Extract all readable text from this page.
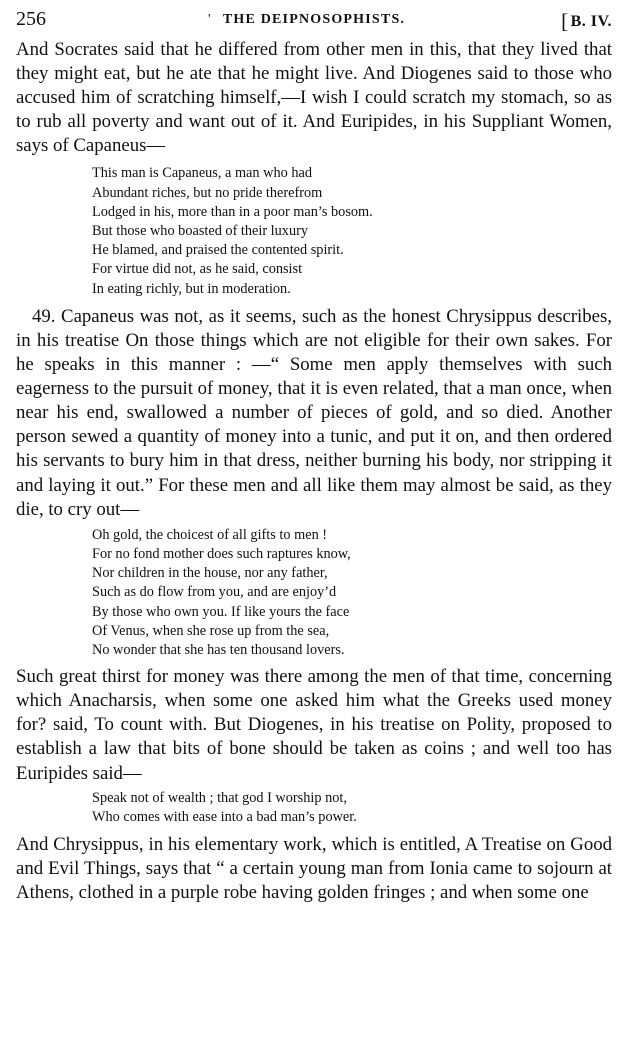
256	' THE DEIPNOSOPHISTS.	[ B. IV.

And Socrates said that he differed from other men in this, that they lived that they might eat, but he ate that he might live. And Diogenes said to those who accused him of scratching himself,—I wish I could scratch my stomach, so as to rub all poverty and want out of it. And Euripides, in his Suppliant Women, says of Capaneus—

This man is Capaneus, a man who had
Abundant riches, but no pride therefrom
Lodged in his, more than in a poor man’s bosom.
But those who boasted of their luxury
He blamed, and praised the contented spirit.
For virtue did not, as he said, consist
In eating richly, but in moderation.

49. Capaneus was not, as it seems, such as the honest Chrysippus describes, in his treatise On those things which are not eligible for their own sakes. For he speaks in this manner : —“ Some men apply themselves with such eagerness to the pursuit of money, that it is even related, that a man once, when near his end, swallowed a number of pieces of gold, and so died. Another person sewed a quantity of money into a tunic, and put it on, and then ordered his servants to bury him in that dress, neither burning his body, nor stripping it and laying it out.” For these men and all like them may almost be said, as they die, to cry out—

Oh gold, the choicest of all gifts to men !
For no fond mother does such raptures know,
Nor children in the house, nor any father,
Such as do flow from you, and are enjoy’d
By those who own you. If like yours the face
Of Venus, when she rose up from the sea,
No wonder that she has ten thousand lovers.

Such great thirst for money was there among the men of that time, concerning which Anacharsis, when some one asked him what the Greeks used money for? said, To count with. But Diogenes, in his treatise on Polity, proposed to establish a law that bits of bone should be taken as coins ; and well too has Euripides said—

Speak not of wealth ; that god I worship not,
Who comes with ease into a bad man’s power.

And Chrysippus, in his elementary work, which is entitled, A Treatise on Good and Evil Things, says that “ a certain young man from Ionia came to sojourn at Athens, clothed in a purple robe having golden fringes ; and when some one
